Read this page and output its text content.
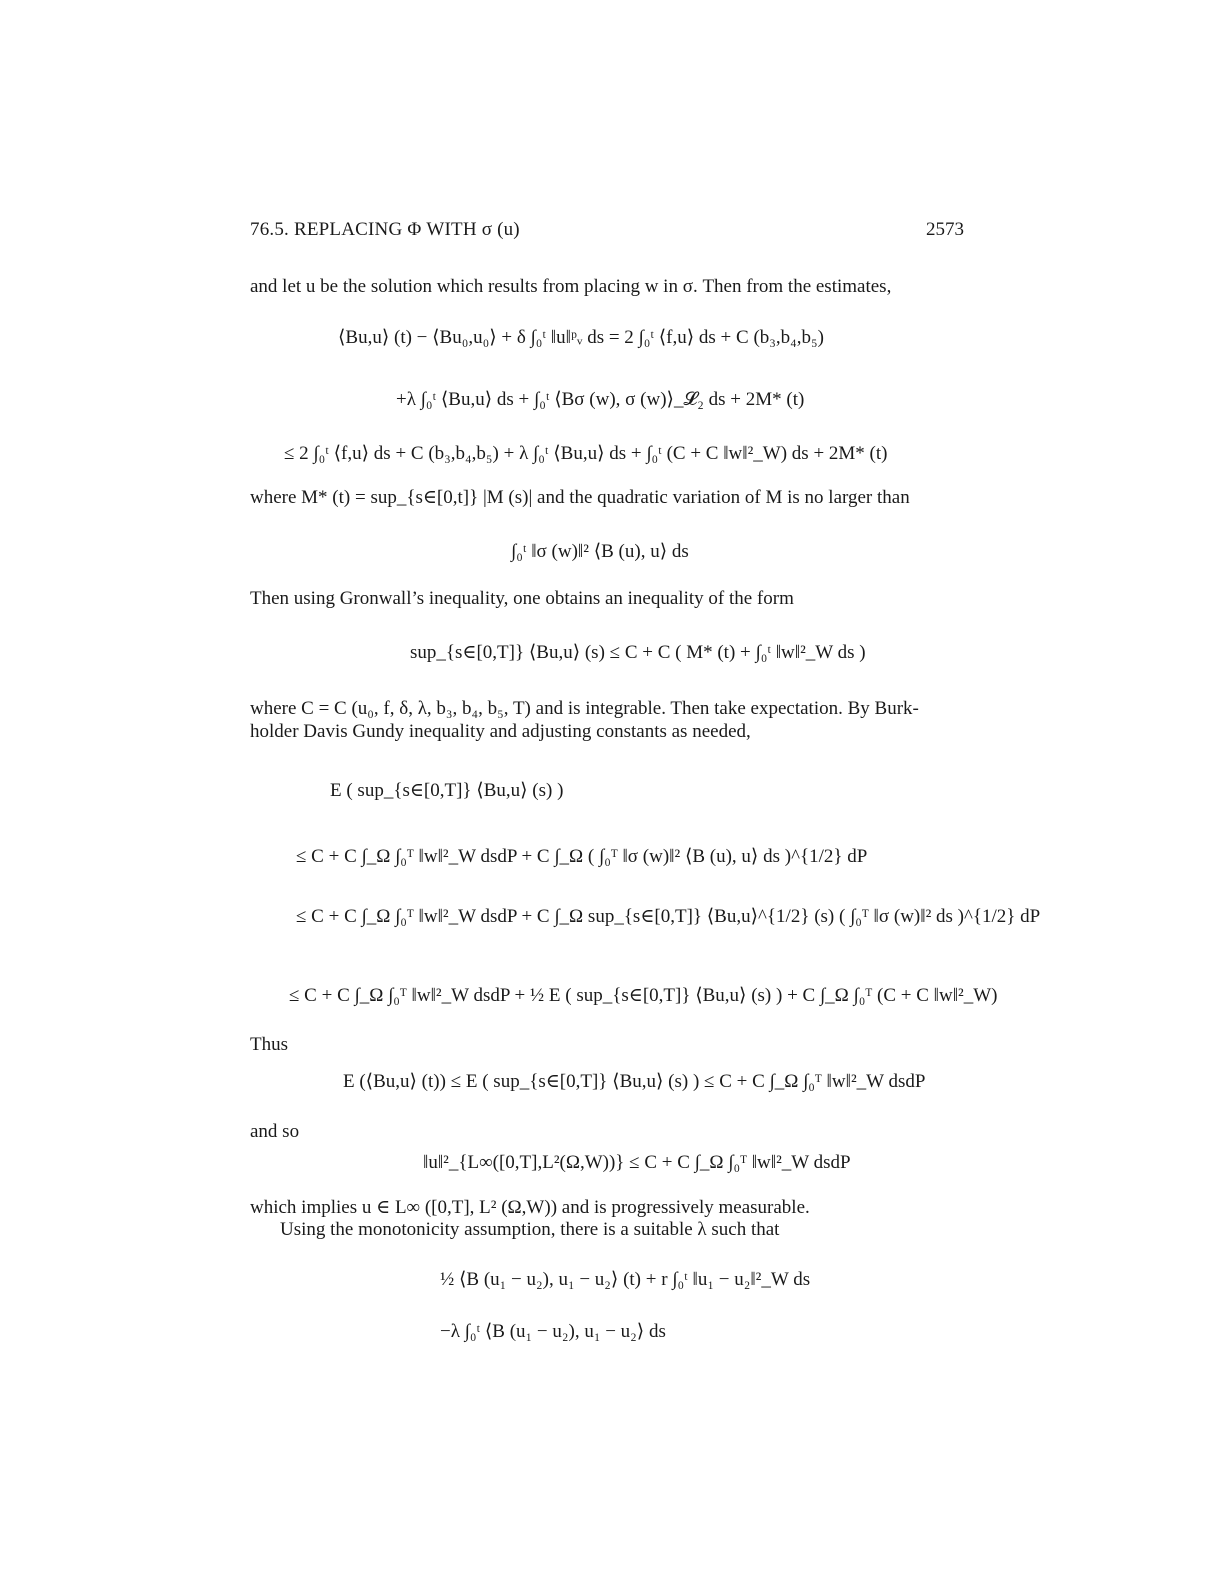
76.5. REPLACING Φ WITH σ (u)	2573
and let u be the solution which results from placing w in σ. Then from the estimates,
⟨Bu,u⟩ (t) − ⟨Bu₀,u₀⟩ + δ ∫₀ᵗ ‖u‖ᵖᵥ ds = 2 ∫₀ᵗ ⟨f,u⟩ ds + C (b₃,b₄,b₅)
+λ ∫₀ᵗ ⟨Bu,u⟩ ds + ∫₀ᵗ ⟨Bσ (w), σ (w)⟩_𝓛₂ ds + 2M* (t)
≤ 2 ∫₀ᵗ ⟨f,u⟩ ds + C (b₃,b₄,b₅) + λ ∫₀ᵗ ⟨Bu,u⟩ ds + ∫₀ᵗ (C + C ‖w‖²_W) ds + 2M* (t)
where M* (t) = sup_{s∈[0,t]} |M (s)| and the quadratic variation of M is no larger than
∫₀ᵗ ‖σ (w)‖² ⟨B (u), u⟩ ds
Then using Gronwall’s inequality, one obtains an inequality of the form
sup_{s∈[0,T]} ⟨Bu,u⟩ (s) ≤ C + C ( M* (t) + ∫₀ᵗ ‖w‖²_W ds )
where C = C (u₀, f, δ, λ, b₃, b₄, b₅, T) and is integrable. Then take expectation. By Burk-
holder Davis Gundy inequality and adjusting constants as needed,
E ( sup_{s∈[0,T]} ⟨Bu,u⟩ (s) )
≤ C + C ∫_Ω ∫₀ᵀ ‖w‖²_W dsdP + C ∫_Ω ( ∫₀ᵀ ‖σ (w)‖² ⟨B (u), u⟩ ds )^{1/2} dP
≤ C + C ∫_Ω ∫₀ᵀ ‖w‖²_W dsdP + C ∫_Ω sup_{s∈[0,T]} ⟨Bu,u⟩^{1/2} (s) ( ∫₀ᵀ ‖σ (w)‖² ds )^{1/2} dP
≤ C + C ∫_Ω ∫₀ᵀ ‖w‖²_W dsdP + ½ E ( sup_{s∈[0,T]} ⟨Bu,u⟩ (s) ) + C ∫_Ω ∫₀ᵀ (C + C ‖w‖²_W)
Thus
E (⟨Bu,u⟩ (t)) ≤ E ( sup_{s∈[0,T]} ⟨Bu,u⟩ (s) ) ≤ C + C ∫_Ω ∫₀ᵀ ‖w‖²_W dsdP
and so
‖u‖²_{L∞([0,T],L²(Ω,W))} ≤ C + C ∫_Ω ∫₀ᵀ ‖w‖²_W dsdP
which implies u ∈ L∞ ([0,T], L² (Ω,W)) and is progressively measurable.
Using the monotonicity assumption, there is a suitable λ such that
½ ⟨B (u₁ − u₂), u₁ − u₂⟩ (t) + r ∫₀ᵗ ‖u₁ − u₂‖²_W ds
−λ ∫₀ᵗ ⟨B (u₁ − u₂), u₁ − u₂⟩ ds
